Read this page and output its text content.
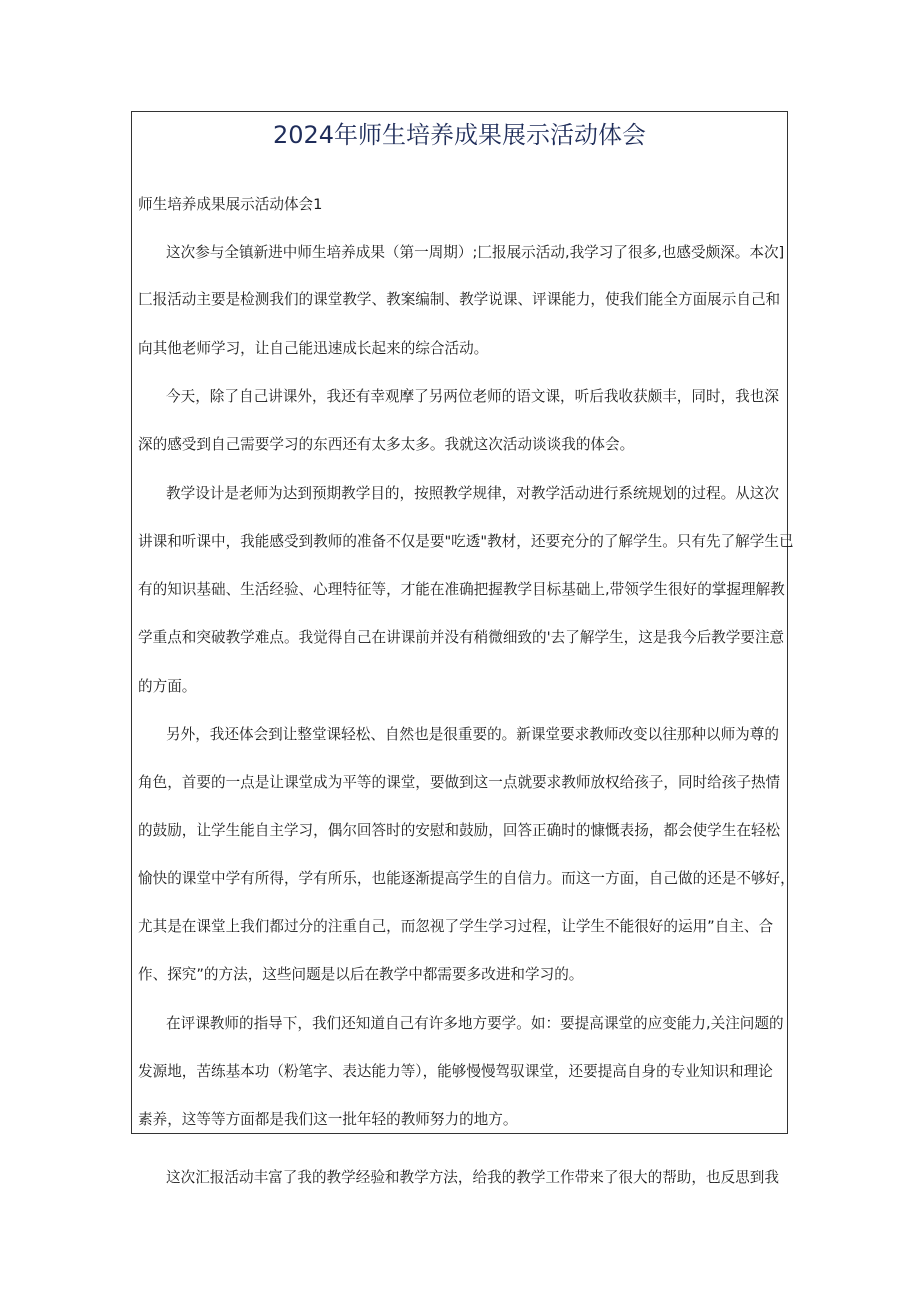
2024年师生培养成果展示活动体会
师生培养成果展示活动体会1
这次参与全镇新进中师生培养成果（第一周期）;匚报展示活动,我学习了很多,也感受颇深。本次]
匚报活动主要是检测我们的课堂教学、教案编制、教学说课、评课能力，使我们能全方面展示自己和
向其他老师学习，让自己能迅速成长起来的综合活动。
今天，除了自己讲课外，我还有幸观摩了另两位老师的语文课，听后我收获颇丰，同时，我也深
深的感受到自己需要学习的东西还有太多太多。我就这次活动谈谈我的体会。
教学设计是老师为达到预期教学目的，按照教学规律，对教学活动进行系统规划的过程。从这次
讲课和听课中，我能感受到教师的准备不仅是要"吃透"教材，还要充分的了解学生。只有先了解学生已
有的知识基础、生活经验、心理特征等，才能在准确把握教学目标基础上,带领学生很好的掌握理解教
学重点和突破教学难点。我觉得自己在讲课前并没有稍微细致的'去了解学生，这是我今后教学要注意
的方面。
另外，我还体会到让整堂课轻松、自然也是很重要的。新课堂要求教师改变以往那种以师为尊的
角色，首要的一点是让课堂成为平等的课堂，要做到这一点就要求教师放权给孩子，同时给孩子热情
的鼓励，让学生能自主学习，偶尔回答时的安慰和鼓励，回答正确时的慷慨表扬，都会使学生在轻松
愉快的课堂中学有所得，学有所乐，也能逐渐提高学生的自信力。而这一方面，自己做的还是不够好，
尤其是在课堂上我们都过分的注重自己，而忽视了学生学习过程，让学生不能很好的运用”自主、合
作、探究”的方法，这些问题是以后在教学中都需要多改进和学习的。
在评课教师的指导下，我们还知道自己有许多地方要学。如：要提高课堂的应变能力,关注问题的
发源地，苦练基本功（粉笔字、表达能力等），能够慢慢驾驭课堂，还要提高自身的专业知识和理论
素养，这等等方面都是我们这一批年轻的教师努力的地方。
这次汇报活动丰富了我的教学经验和教学方法，给我的教学工作带来了很大的帮助，也反思到我
